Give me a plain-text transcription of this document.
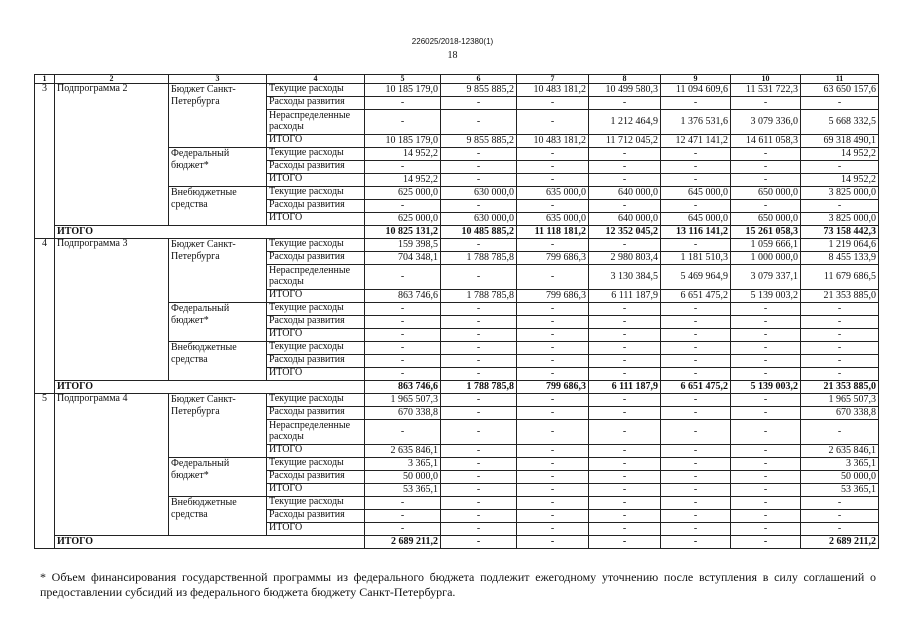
226025/2018-12380(1)
18
1	2	3	4	5	6	7	8	9	10	11
3	Подпрограмма 2	Бюджет Санкт-Петербурга	Текущие расходы	10 185 179,0	9 855 885,2	10 483 181,2	10 499 580,3	11 094 609,6	11 531 722,3	63 650 157,6
			Расходы развития	-	-	-	-	-	-	-
			Нераспределенные расходы	-	-	-	1 212 464,9	1 376 531,6	3 079 336,0	5 668 332,5
			ИТОГО	10 185 179,0	9 855 885,2	10 483 181,2	11 712 045,2	12 471 141,2	14 611 058,3	69 318 490,1
		Федеральный бюджет*	Текущие расходы	14 952,2	-	-	-	-	-	14 952,2
			Расходы развития	-	-	-	-	-	-	-
			ИТОГО	14 952,2	-	-	-	-	-	14 952,2
		Внебюджетные средства	Текущие расходы	625 000,0	630 000,0	635 000,0	640 000,0	645 000,0	650 000,0	3 825 000,0
			Расходы развития	-	-	-	-	-	-	-
			ИТОГО	625 000,0	630 000,0	635 000,0	640 000,0	645 000,0	650 000,0	3 825 000,0
	ИТОГО			10 825 131,2	10 485 885,2	11 118 181,2	12 352 045,2	13 116 141,2	15 261 058,3	73 158 442,3
4	Подпрограмма 3	Бюджет Санкт-Петербурга	Текущие расходы	159 398,5	-	-	-	-	1 059 666,1	1 219 064,6
			Расходы развития	704 348,1	1 788 785,8	799 686,3	2 980 803,4	1 181 510,3	1 000 000,0	8 455 133,9
			Нераспределенные расходы	-	-	-	3 130 384,5	5 469 964,9	3 079 337,1	11 679 686,5
			ИТОГО	863 746,6	1 788 785,8	799 686,3	6 111 187,9	6 651 475,2	5 139 003,2	21 353 885,0
		Федеральный бюджет*	Текущие расходы	-	-	-	-	-	-	-
			Расходы развития	-	-	-	-	-	-	-
			ИТОГО	-	-	-	-	-	-	-
		Внебюджетные средства	Текущие расходы	-	-	-	-	-	-	-
			Расходы развития	-	-	-	-	-	-	-
			ИТОГО	-	-	-	-	-	-	-
	ИТОГО			863 746,6	1 788 785,8	799 686,3	6 111 187,9	6 651 475,2	5 139 003,2	21 353 885,0
5	Подпрограмма 4	Бюджет Санкт-Петербурга	Текущие расходы	1 965 507,3	-	-	-	-	-	1 965 507,3
			Расходы развития	670 338,8	-	-	-	-	-	670 338,8
			Нераспределенные расходы	-	-	-	-	-	-	-
			ИТОГО	2 635 846,1	-	-	-	-	-	2 635 846,1
		Федеральный бюджет*	Текущие расходы	3 365,1	-	-	-	-	-	3 365,1
			Расходы развития	50 000,0	-	-	-	-	-	50 000,0
			ИТОГО	53 365,1	-	-	-	-	-	53 365,1
		Внебюджетные средства	Текущие расходы	-	-	-	-	-	-	-
			Расходы развития	-	-	-	-	-	-	-
			ИТОГО	-	-	-	-	-	-	-
	ИТОГО			2 689 211,2	-	-	-	-	-	2 689 211,2
* Объем финансирования государственной программы из федерального бюджета подлежит ежегодному уточнению после вступления в силу соглашений о предоставлении субсидий из федерального бюджета бюджету Санкт-Петербурга.
